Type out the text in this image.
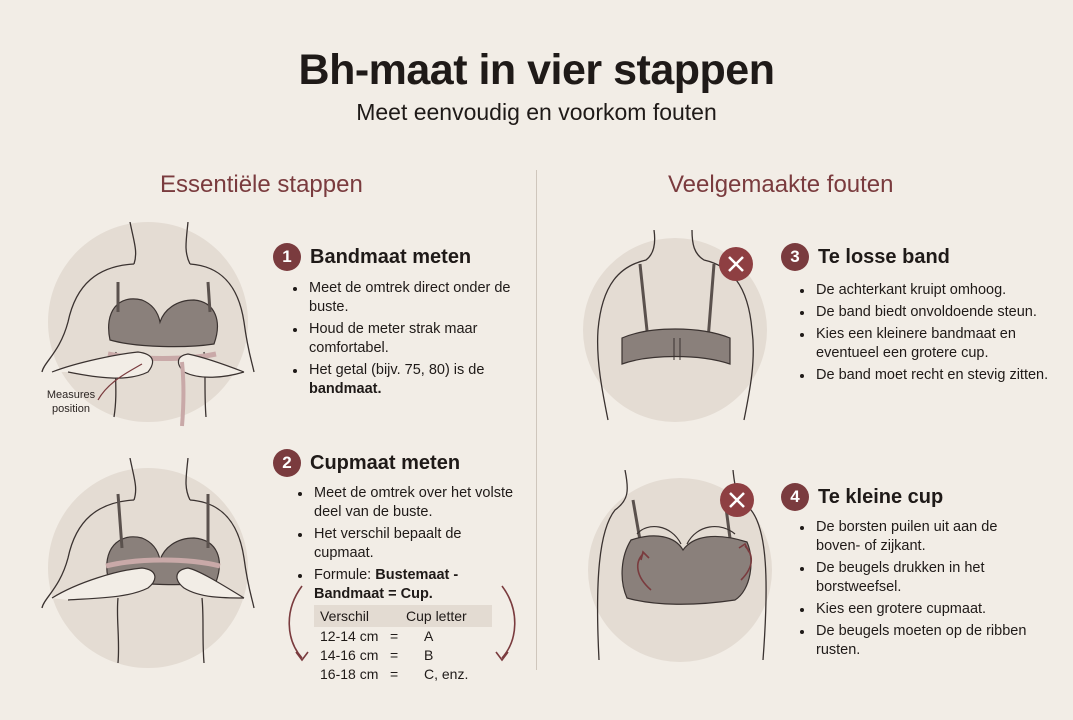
Bh-maat in vier stappen
Meet eenvoudig en voorkom fouten
Essentiële stappen	Veelgemaakte fouten
Measures position
1 Bandmaat meten
• Meet de omtrek direct onder de buste.
• Houd de meter strak maar comfortabel.
• Het getal (bijv. 75, 80) is de bandmaat.
2 Cupmaat meten
• Meet de omtrek over het volste deel van de buste.
• Het verschil bepaalt de cupmaat.
• Formule: Bustemaat - Bandmaat = Cup.
Verschil	Cup letter
12-14 cm =	A
14-16 cm =	B
16-18 cm =	C, enz.
3 Te losse band
• De achterkant kruipt omhoog.
• De band biedt onvoldoende steun.
• Kies een kleinere bandmaat en eventueel een grotere cup.
• De band moet recht en stevig zitten.
4 Te kleine cup
• De borsten puilen uit aan de boven- of zijkant.
• De beugels drukken in het borstweefsel.
• Kies een grotere cupmaat.
• De beugels moeten op de ribben rusten.
